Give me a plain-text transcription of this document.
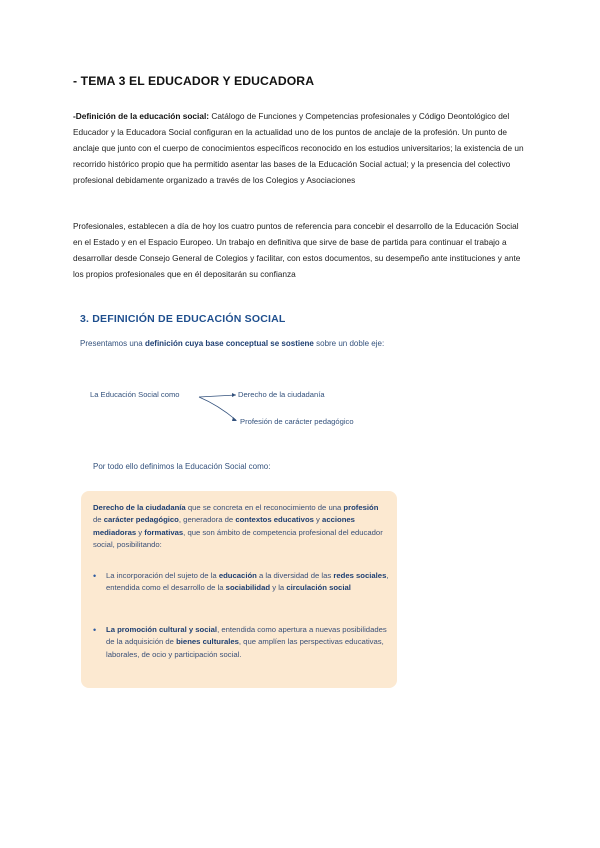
- TEMA 3 EL EDUCADOR Y EDUCADORA

-Definición de la educación social: Catálogo de Funciones y Competencias profesionales y Código Deontológico del Educador y la Educadora Social configuran en la actualidad uno de los puntos de anclaje de la profesión. Un punto de anclaje que junto con el cuerpo de conocimientos específicos reconocido en los estudios universitarios; la existencia de un recorrido histórico propio que ha permitido asentar las bases de la Educación Social actual; y la presencia del colectivo profesional debidamente organizado a través de los Colegios y Asociaciones

Profesionales, establecen a día de hoy los cuatro puntos de referencia para concebir el desarrollo de la Educación Social en el Estado y en el Espacio Europeo. Un trabajo en definitiva que sirve de base de partida para continuar el trabajo a desarrollar desde Consejo General de Colegios y facilitar, con estos documentos, su desempeño ante instituciones y ante los propios profesionales que en él depositarán su confianza

3. DEFINICIÓN DE EDUCACIÓN SOCIAL
Presentamos una definición cuya base conceptual se sostiene sobre un doble eje:
La Educación Social como	Derecho de la ciudadanía
Profesión de carácter pedagógico
Por todo ello definimos la Educación Social como:
Derecho de la ciudadanía que se concreta en el reconocimiento de una profesión de carácter pedagógico, generadora de contextos educativos y acciones mediadoras y formativas, que son ámbito de competencia profesional del educador social, posibilitando:
• La incorporación del sujeto de la educación a la diversidad de las redes sociales, entendida como el desarrollo de la sociabilidad y la circulación social
• La promoción cultural y social, entendida como apertura a nuevas posibilidades de la adquisición de bienes culturales, que amplíen las perspectivas educativas, laborales, de ocio y participación social.
